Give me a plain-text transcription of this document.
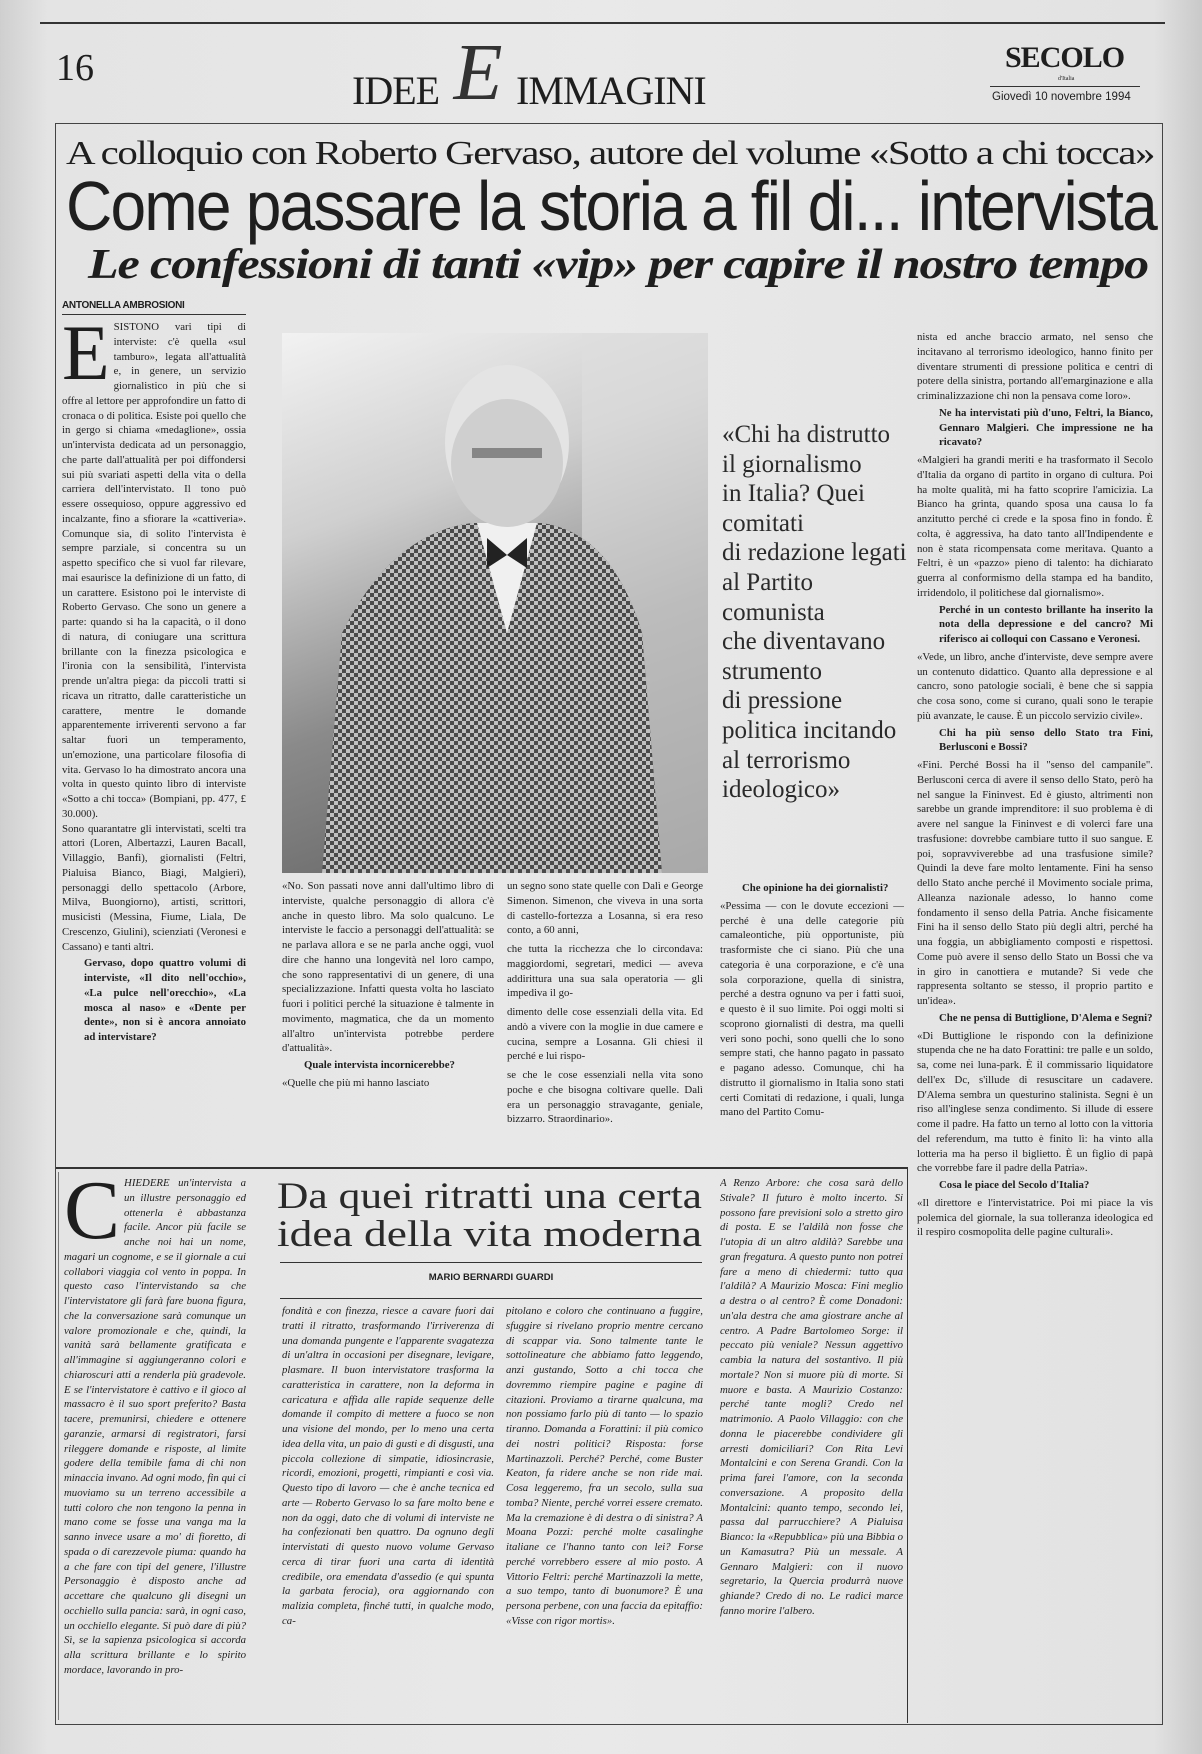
16	IDEE E IMMAGINI
SECOLO
d'Italia
Giovedì 10 novembre 1994
A colloquio con Roberto Gervaso, autore del volume «Sotto a chi tocca»
Come passare la storia a fil di... intervista
Le confessioni di tanti «vip» per capire il nostro tempo
ANTONELLA AMBROSIONI

ESISTONO vari tipi di interviste: c'è quella «sul tamburo», legata all'attualità e, in genere, un servizio giornalistico in più che si offre al lettore per approfondire un fatto di cronaca o di politica. Esiste poi quello che in gergo si chiama «medaglione», ossia un'intervista dedicata ad un personaggio, che parte dall'attualità per poi diffondersi sui più svariati aspetti della vita o della carriera dell'intervistato. Il tono può essere ossequioso, oppure aggressivo ed incalzante, fino a sfiorare la «cattiveria». Comunque sia, di solito l'intervista è sempre parziale, si concentra su un aspetto specifico che si vuol far rilevare, mai esaurisce la definizione di un fatto, di un carattere. Esistono poi le interviste di Roberto Gervaso. Che sono un genere a parte: quando si ha la capacità, o il dono di natura, di coniugare una scrittura brillante con la finezza psicologica e l'ironia con la sensibilità, l'intervista prende un'altra piega: da piccoli tratti si ricava un ritratto, dalle caratteristiche un carattere, mentre le domande apparentemente irriverenti servono a far saltar fuori un temperamento, un'emozione, una particolare filosofia di vita. Gervaso lo ha dimostrato ancora una volta in questo quinto libro di interviste «Sotto a chi tocca» (Bompiani, pp. 477, £ 30.000).

Sono quarantatre gli intervistati, scelti tra attori (Loren, Albertazzi, Lauren Bacall, Villaggio, Banfi), giornalisti (Feltri, Pialuisa Bianco, Biagi, Malgieri), personaggi dello spettacolo (Arbore, Milva, Buongiorno), artisti, scrittori, musicisti (Messina, Fiume, Liala, De Crescenzo, Giulini), scienziati (Veronesi e Cassano) e tanti altri.

Gervaso, dopo quattro volumi di interviste, «Il dito nell'occhio», «La pulce nell'orecchio», «La mosca al naso» e «Dente per dente», non si è ancora annoiato ad intervistare?

«Chi ha distrutto
il giornalismo
in Italia? Quei
comitati
di redazione legati
al Partito
comunista
che diventavano
strumento
di pressione
politica incitando
al terrorismo
ideologico»

«No. Son passati nove anni dall'ultimo libro di interviste, qualche personaggio di allora c'è anche in questo libro. Ma solo qualcuno. Le interviste le faccio a personaggi dell'attualità: se ne parlava allora e se ne parla anche oggi, vuol dire che hanno una longevità nel loro campo, che sono rappresentativi di un genere, di una specializzazione. Infatti questa volta ho lasciato fuori i politici perché la situazione è talmente in movimento, magmatica, che da un momento all'altro un'intervista potrebbe perdere d'attualità».

Quale intervista incornicerebbe?

«Quelle che più mi hanno lasciato

un segno sono state quelle con Dalì e George Simenon. Simenon, che viveva in una sorta di castello-fortezza a Losanna, si era reso conto, a 60 anni,

che tutta la ricchezza che lo circondava: maggiordomi, segretari, medici — aveva addirittura una sua sala operatoria — gli impediva il go-

dimento delle cose essenziali della vita. Ed andò a vivere con la moglie in due camere e cucina, sempre a Losanna. Gli chiesi il perché e lui rispo-

se che le cose essenziali nella vita sono poche e che bisogna coltivare quelle. Dalì era un personaggio stravagante, geniale, bizzarro. Straordinario».

Che opinione ha dei giornalisti?

«Pessima — con le dovute eccezioni — perché è una delle categorie più camaleontiche, più opportuniste, più trasformiste che ci siano. Più che una categoria è una corporazione, e c'è una sola corporazione, quella di sinistra, perché a destra ognuno va per i fatti suoi, e questo è il suo limite. Poi oggi molti si scoprono giornalisti di destra, ma quelli veri sono pochi, sono quelli che lo sono sempre stati, che hanno pagato in passato e pagano adesso. Comunque, chi ha distrutto il giornalismo in Italia sono stati certi Comitati di redazione, i quali, lunga mano del Partito Comu-

nista ed anche braccio armato, nel senso che incitavano al terrorismo ideologico, hanno finito per diventare strumenti di pressione politica e centri di potere della sinistra, portando all'emarginazione e alla criminalizzazione chi non la pensava come loro».

Ne ha intervistati più d'uno, Feltri, la Bianco, Gennaro Malgieri. Che impressione ne ha ricavato?

«Malgieri ha grandi meriti e ha trasformato il Secolo d'Italia da organo di partito in organo di cultura. Poi ha molte qualità, mi ha fatto scoprire l'amicizia. La Bianco ha grinta, quando sposa una causa lo fa anzitutto perché ci crede e la sposa fino in fondo. È colta, è aggressiva, ha dato tanto all'Indipendente e non è stata ricompensata come meritava. Quanto a Feltri, è un «pazzo» pieno di talento: ha dichiarato guerra al conformismo della stampa ed ha bandito, irridendolo, il politichese dal giornalismo».

Perché in un contesto brillante ha inserito la nota della depressione e del cancro? Mi riferisco ai colloqui con Cassano e Veronesi.

«Vede, un libro, anche d'interviste, deve sempre avere un contenuto didattico. Quanto alla depressione e al cancro, sono patologie sociali, è bene che si sappia che cosa sono, come si curano, quali sono le terapie più avanzate, le cause. È un piccolo servizio civile».

Chi ha più senso dello Stato tra Fini, Berlusconi e Bossi?

«Fini. Perché Bossi ha il "senso del campanile". Berlusconi cerca di avere il senso dello Stato, però ha nel sangue la Fininvest. Ed è giusto, altrimenti non sarebbe un grande imprenditore: il suo problema è di avere nel sangue la Fininvest e di volerci fare una trasfusione: dovrebbe cambiare tutto il suo sangue. E poi, sopravviverebbe ad una trasfusione simile? Quindi la deve fare molto lentamente. Fini ha senso dello Stato anche perché il Movimento sociale prima, Alleanza nazionale adesso, lo hanno come fondamento il senso della Patria. Anche fisicamente Fini ha il senso dello Stato più degli altri, perché ha una foggia, un abbigliamento composti e rispettosi. Come può avere il senso dello Stato un Bossi che va in giro in canottiera e mutande? Si vede che rappresenta soltanto se stesso, il proprio partito e un'idea».

Che ne pensa di Buttiglione, D'Alema e Segni?

«Di Buttiglione le rispondo con la definizione stupenda che ne ha dato Forattini: tre palle e un soldo, sa, come nei luna-park. È il commissario liquidatore dell'ex Dc, s'illude di resuscitare un cadavere. D'Alema sembra un questurino stalinista. Segni è un riso all'inglese senza condimento. Si illude di essere come il padre. Ha fatto un terno al lotto con la vittoria del referendum, ma tutto è finito lì: ha vinto alla lotteria ma ha perso il biglietto. È un figlio di papà che vorrebbe fare il padre della Patria».

Cosa le piace del Secolo d'Italia?

«Il direttore e l'intervistatrice. Poi mi piace la vis polemica del giornale, la sua tolleranza ideologica ed il respiro cosmopolita delle pagine culturali».

CHIEDERE un'intervista a un illustre personaggio ed ottenerla è abbastanza facile. Ancor più facile se anche noi hai un nome, magari un cognome, e se il giornale a cui collabori viaggia col vento in poppa. In questo caso l'intervistando sa che l'intervistatore gli farà fare buona figura, che la conversazione sarà comunque un valore promozionale e che, quindi, la vanità sarà bellamente gratificata e all'immagine si aggiungeranno colori e chiaroscuri atti a renderla più gradevole. E se l'intervistatore è cattivo e il gioco al massacro è il suo sport preferito? Basta tacere, premunirsi, chiedere e ottenere garanzie, armarsi di registratori, farsi rileggere domande e risposte, al limite godere della temibile fama di chi non minaccia invano. Ad ogni modo, fin qui ci muoviamo su un terreno accessibile a tutti coloro che non tengono la penna in mano come se fosse una vanga ma la sanno invece usare a mo' di fioretto, di spada o di carezzevole piuma: quando ha a che fare con tipi del genere, l'illustre Personaggio è disposto anche ad accettare che qualcuno gli disegni un occhiello sulla pancia: sarà, in ogni caso, un occhiello elegante. Si può dare di più? Sì, se la sapienza psicologica si accorda alla scrittura brillante e lo spirito mordace, lavorando in pro-

Da quei ritratti una certa
idea della vita moderna
MARIO BERNARDI GUARDI

fondità e con finezza, riesce a cavare fuori dai tratti il ritratto, trasformando l'irriverenza di una domanda pungente e l'apparente svagatezza di un'altra in occasioni per disegnare, levigare, plasmare. Il buon intervistatore trasforma la caratteristica in carattere, non la deforma in caricatura e affida alle rapide sequenze delle domande il compito di mettere a fuoco se non una visione del mondo, per lo meno una certa idea della vita, un paio di gusti e di disgusti, una piccola collezione di simpatie, idiosincrasie, ricordi, emozioni, progetti, rimpianti e così via. Questo tipo di lavoro — che è anche tecnica ed arte — Roberto Gervaso lo sa fare molto bene e non da oggi, dato che di volumi di interviste ne ha confezionati ben quattro. Da ognuno degli intervistati di questo nuovo volume Gervaso cerca di tirar fuori una carta di identità credibile, ora emendata d'assedio (e qui spunta la garbata ferocia), ora aggiornando con malizia completa, finché tutti, in qualche modo, ca-

pitolano e coloro che continuano a fuggire, sfuggire si rivelano proprio mentre cercano di scappar via. Sono talmente tante le sottolineature che abbiamo fatto leggendo, anzi gustando, Sotto a chi tocca che dovremmo riempire pagine e pagine di citazioni. Proviamo a tirarne qualcuna, ma non possiamo farlo più di tanto — lo spazio tiranno. Domanda a Forattini: il più comico dei nostri politici? Risposta: forse Martinazzoli. Perché? Perché, come Buster Keaton, fa ridere anche se non ride mai. Cosa leggeremo, fra un secolo, sulla sua tomba? Niente, perché vorrei essere cremato. Ma la cremazione è di destra o di sinistra? A Moana Pozzi: perché molte casalinghe italiane ce l'hanno tanto con lei? Forse perché vorrebbero essere al mio posto. A Vittorio Feltri: perché Martinazzoli la mette, a suo tempo, tanto di buonumore? È una persona perbene, con una faccia da epitaffio: «Visse con rigor mortis».

A Renzo Arbore: che cosa sarà dello Stivale? Il futuro è molto incerto. Si possono fare previsioni solo a stretto giro di posta. E se l'aldilà non fosse che l'utopia di un altro aldilà? Sarebbe una gran fregatura. A questo punto non potrei fare a meno di chiedermi: tutto qua l'aldilà? A Maurizio Mosca: Fini meglio a destra o al centro? È come Donadoni: un'ala destra che ama giostrare anche al centro. A Padre Bartolomeo Sorge: il peccato più veniale? Nessun aggettivo cambia la natura del sostantivo. Il più mortale? Non si muore più di morte. Si muore e basta. A Maurizio Costanzo: perché tante mogli? Credo nel matrimonio. A Paolo Villaggio: con che donna le piacerebbe condividere gli arresti domiciliari? Con Rita Levi Montalcini e con Serena Grandi. Con la prima farei l'amore, con la seconda conversazione. A proposito della Montalcini: quanto tempo, secondo lei, passa dal parrucchiere? A Pialuisa Bianco: la «Repubblica» più una Bibbia o un Kamasutra? Più un messale. A Gennaro Malgieri: con il nuovo segretario, la Quercia produrrà nuove ghiande? Credo di no. Le radici marce fanno morire l'albero.
